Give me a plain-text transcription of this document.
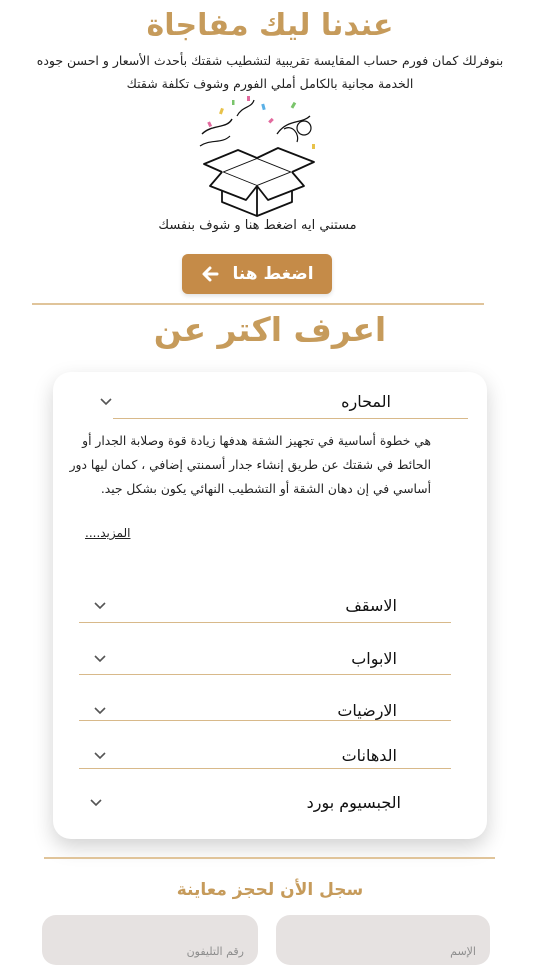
عندنا ليك مفاجاة
بنوفرلك كمان فورم حساب المقايسة تقريبية لتشطيب شقتك بأحدث الأسعار و احسن جوده
الخدمة مجانية بالكامل أملي الفورم وشوف تكلفة شقتك
مستني ايه اضغط هنا و شوف بنفسك
اضغط هنا
اعرف اكتر عن
المحاره
هي خطوة أساسية في تجهيز الشقة هدفها زيادة قوة وصلابة الجدار أو الحائط في شقتك عن طريق إنشاء جدار أسمنتي إضافي ، كمان ليها دور أساسي في إن دهان الشقة أو التشطيب النهائي يكون بشكل جيد.
المزيد....
الاسقف
الابواب
الارضيات
الدهانات
الجبسيوم بورد
سجل الأن لحجز معاينة
الإسم
رقم التليفون
